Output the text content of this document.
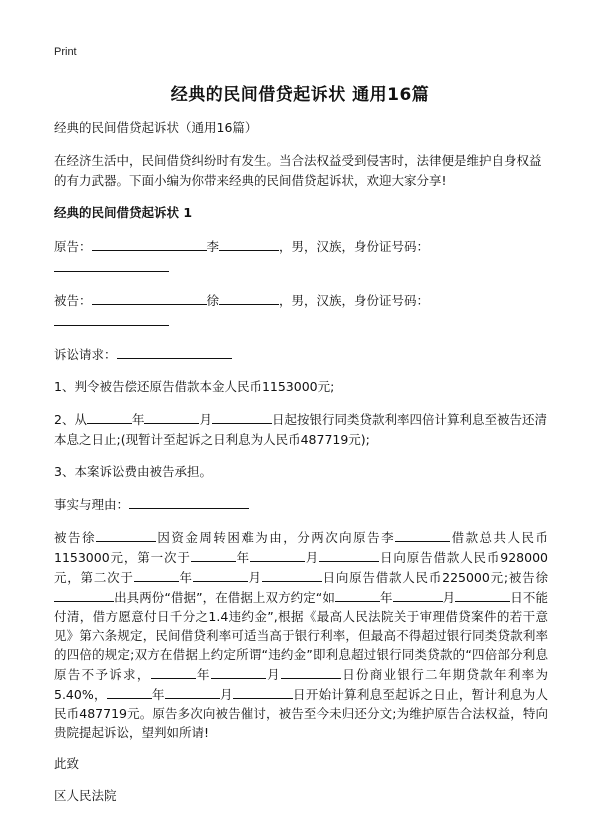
Print
经典的民间借贷起诉状 通用16篇

经典的民间借贷起诉状（通用16篇）

在经济生活中，民间借贷纠纷时有发生。当合法权益受到侵害时，法律便是维护自身权益的有力武器。下面小编为你带来经典的民间借贷起诉状，欢迎大家分享!

经典的民间借贷起诉状 1

原告：	李	，男，汉族，身份证号码：

被告：	徐	，男，汉族，身份证号码：

诉讼请求：

1、判令被告偿还原告借款本金人民币1153000元;

2、从	年	月	日起按银行同类贷款利率四倍计算利息至被告还清本息之日止;(现暂计至起诉之日利息为人民币487719元);

3、本案诉讼费由被告承担。

事实与理由：

被告徐	因资金周转困难为由，分两次向原告李	借款总共人民币1153000元，第一次于	年	月	日向原告借款人民币928000元，第二次于	年	月	日向原告借款人民币225000元;被告徐出具两份“借据”，在借据上双方约定“如	年	月	日不能付清，借方愿意付日千分之1.4违约金”,根据《最高人民法院关于审理借贷案件的若干意见》第六条规定，民间借贷利率可适当高于银行利率，但最高不得超过银行同类贷款利率的四倍的规定;双方在借据上约定所谓“违约金”即利息超过银行同类贷款的“四倍部分利息原告不予诉求，	年	月	日份商业银行二年期贷款年利率为5.40%，	年	月	日开始计算利息至起诉之日止，暂计利息为人民币487719元。原告多次向被告催讨，被告至今未归还分文;为维护原告合法权益，特向贵院提起诉讼，望判如所请!

此致

区人民法院
